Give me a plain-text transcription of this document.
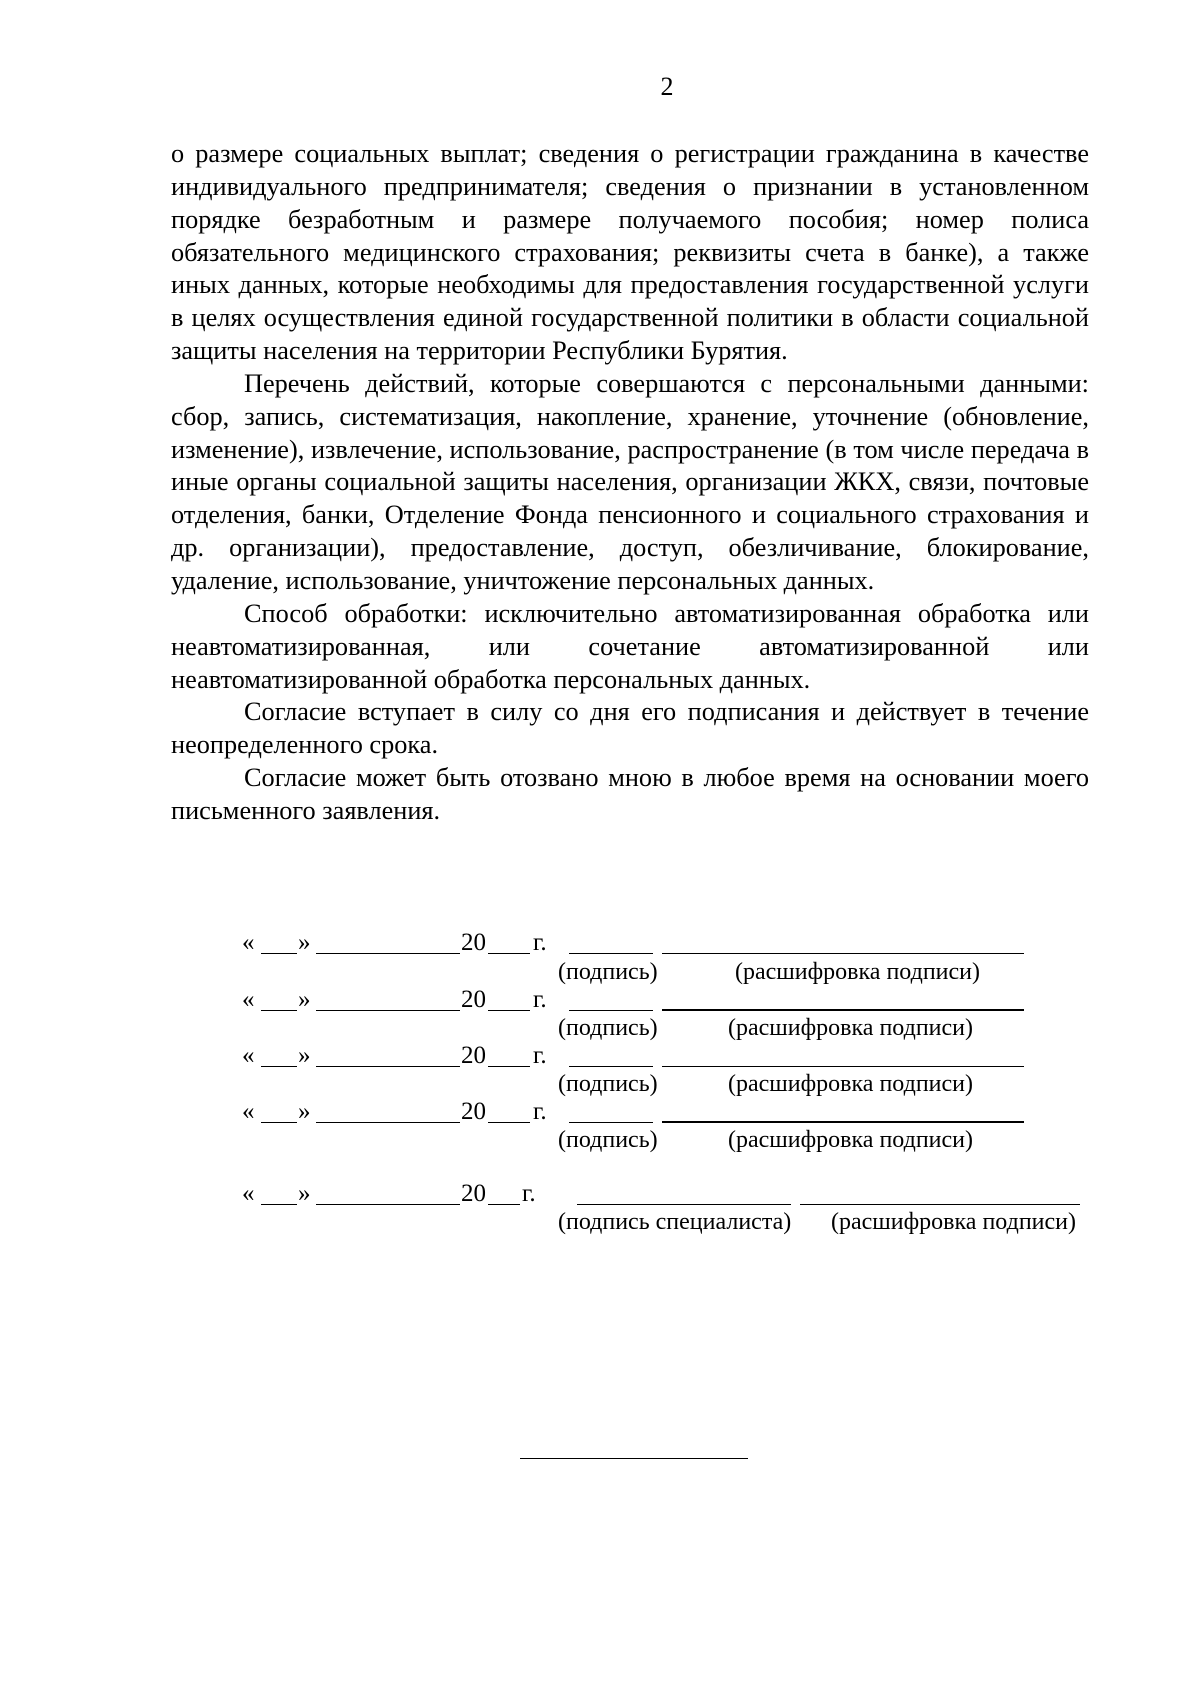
2

о размере социальных выплат; сведения о регистрации гражданина в качестве индивидуального предпринимателя; сведения о признании в установленном порядке безработным и размере получаемого пособия; номер полиса обязательного медицинского страхования; реквизиты счета в банке), а также иных данных, которые необходимы для предоставления государственной услуги в целях осуществления единой государственной политики в области социальной защиты населения на территории Республики Бурятия.

Перечень действий, которые совершаются с персональными данными: сбор, запись, систематизация, накопление, хранение, уточнение (обновление, изменение), извлечение, использование, распространение (в том числе передача в иные органы социальной защиты населения, организации ЖКХ, связи, почтовые отделения, банки, Отделение Фонда пенсионного и социального страхования и др. организации), предоставление, доступ, обезличивание, блокирование, удаление, использование, уничтожение персональных данных.

Способ обработки: исключительно автоматизированная обработка или неавтоматизированная, или сочетание автоматизированной или неавтоматизированной обработка персональных данных.

Согласие вступает в силу со дня его подписания и действует в течение неопределенного срока.

Согласие может быть отозвано мною в любое время на основании моего письменного заявления.

« »	20 г.
(подпись)	(расшифровка подписи)
« »	20 г.
(подпись)	(расшифровка подписи)
« »	20 г.
(подпись)	(расшифровка подписи)
« »	20 г.
(подпись)	(расшифровка подписи)
« »	20 г.
(подпись специалиста) (расшифровка подписи)
